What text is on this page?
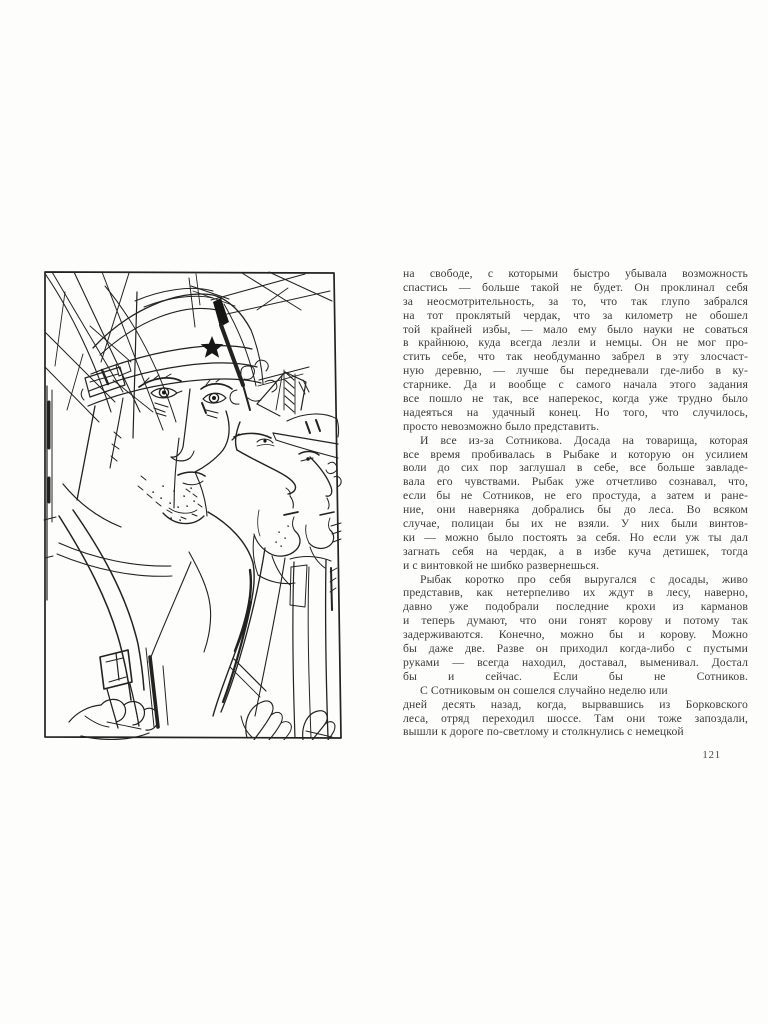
на свободе, с которыми быстро убывала возможность
спастись — больше такой не будет. Он проклинал себя
за неосмотрительность, за то, что так глупо забрался
на тот проклятый чердак, что за километр не обошел
той крайней избы, — мало ему было науки не соваться
в крайнюю, куда всегда лезли и немцы. Он не мог про-
стить себе, что так необдуманно забрел в эту злосчаст-
ную деревню, — лучше бы передневали где-либо в ку-
старнике. Да и вообще с самого начала этого задания
все пошло не так, все наперекос, когда уже трудно было
надеяться на удачный конец. Но того, что случилось,
просто невозможно было представить.
И все из-за Сотникова. Досада на товарища, которая
все время пробивалась в Рыбаке и которую он усилием
воли до сих пор заглушал в себе, все больше завладе-
вала его чувствами. Рыбак уже отчетливо сознавал, что,
если бы не Сотников, не его простуда, а затем и ране-
ние, они наверняка добрались бы до леса. Во всяком
случае, полицаи бы их не взяли. У них были винтов-
ки — можно было постоять за себя. Но если уж ты дал
загнать себя на чердак, а в избе куча детишек, тогда
и с винтовкой не шибко развернешься.
Рыбак коротко про себя выругался с досады, живо
представив, как нетерпеливо их ждут в лесу, наверно,
давно уже подобрали последние крохи из карманов
и теперь думают, что они гонят корову и потому так
задерживаются. Конечно, можно бы и корову. Можно
бы даже две. Разве он приходил когда-либо с пустыми
руками — всегда находил, доставал, выменивал. Достал
бы и сейчас. Если бы не Сотников.
С Сотниковым он сошелся случайно неделю или
дней десять назад, когда, вырвавшись из Борковского
леса, отряд переходил шоссе. Там они тоже запоздали,
вышли к дороге по-светлому и столкнулись с немецкой
121
